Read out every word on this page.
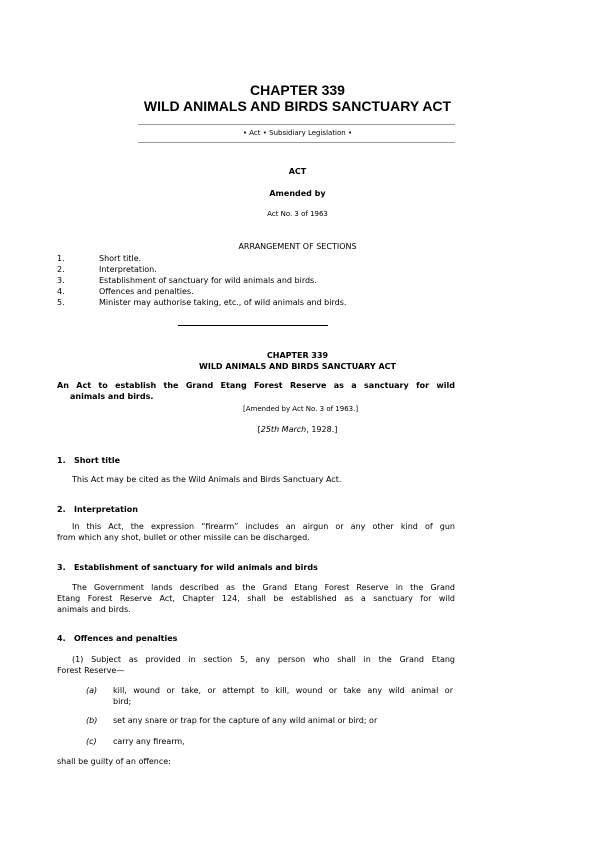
CHAPTER 339
WILD ANIMALS AND BIRDS SANCTUARY ACT
• Act • Subsidiary Legislation •
ACT
Amended by
Act No. 3 of 1963
ARRANGEMENT OF SECTIONS
1.	Short title.
2.	Interpretation.
3.	Establishment of sanctuary for wild animals and birds.
4.	Offences and penalties.
5.	Minister may authorise taking, etc., of wild animals and birds.
CHAPTER 339
WILD ANIMALS AND BIRDS SANCTUARY ACT
An Act to establish the Grand Etang Forest Reserve as a sanctuary for wild
animals and birds.
[Amended by Act No. 3 of 1963.]
[25th March, 1928.]
1. Short title
This Act may be cited as the Wild Animals and Birds Sanctuary Act.
2. Interpretation
In this Act, the expression “firearm” includes an airgun or any other kind of gun
from which any shot, bullet or other missile can be discharged.
3. Establishment of sanctuary for wild animals and birds
The Government lands described as the Grand Etang Forest Reserve in the Grand
Etang Forest Reserve Act, Chapter 124, shall be established as a sanctuary for wild
animals and birds.
4. Offences and penalties
(1) Subject as provided in section 5, any person who shall in the Grand Etang
Forest Reserve—
(a) kill, wound or take, or attempt to kill, wound or take any wild animal or
bird;
(b) set any snare or trap for the capture of any wild animal or bird; or
(c) carry any firearm,
shall be guilty of an offence:
